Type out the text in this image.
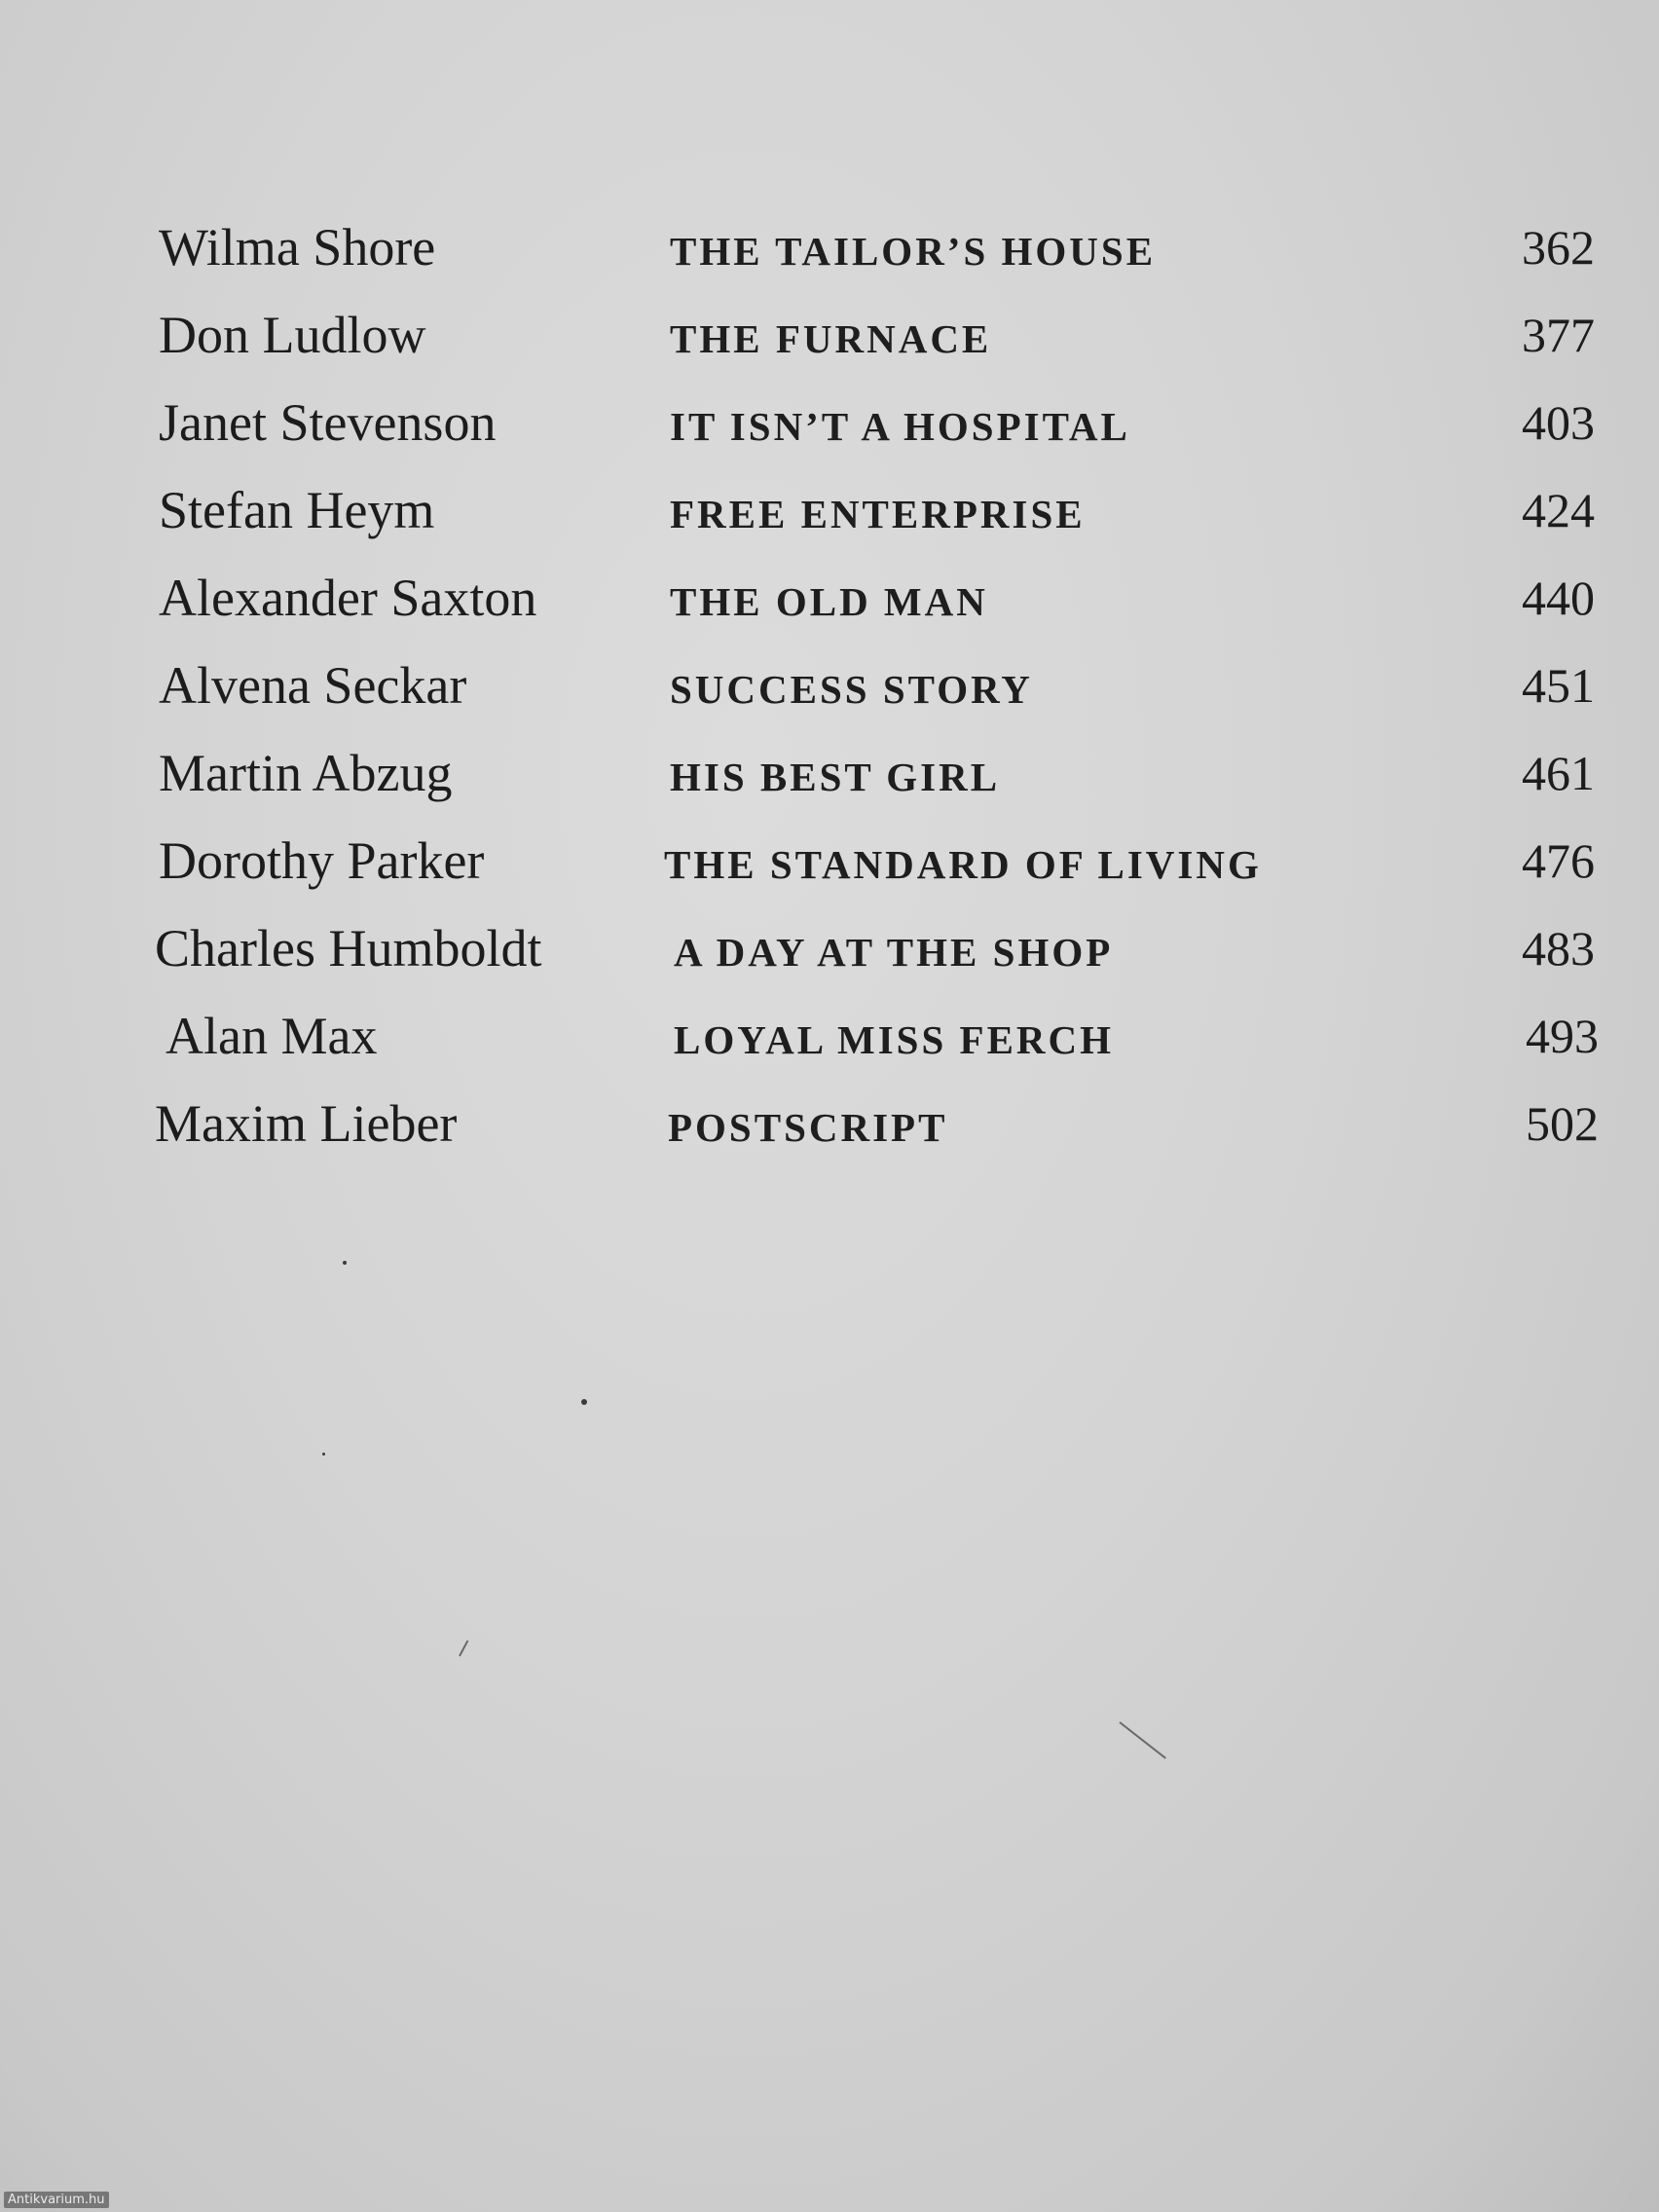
Wilma Shore	THE TAILOR’S HOUSE	362
Don Ludlow	THE FURNACE	377
Janet Stevenson	IT ISN’T A HOSPITAL	403
Stefan Heym	FREE ENTERPRISE	424
Alexander Saxton	THE OLD MAN	440
Alvena Seckar	SUCCESS STORY	451
Martin Abzug	HIS BEST GIRL	461
Dorothy Parker	THE STANDARD OF LIVING	476
Charles Humboldt	A DAY AT THE SHOP	483
Alan Max	LOYAL MISS FERCH	493
Maxim Lieber	POSTSCRIPT	502
Antikvarium.hu
